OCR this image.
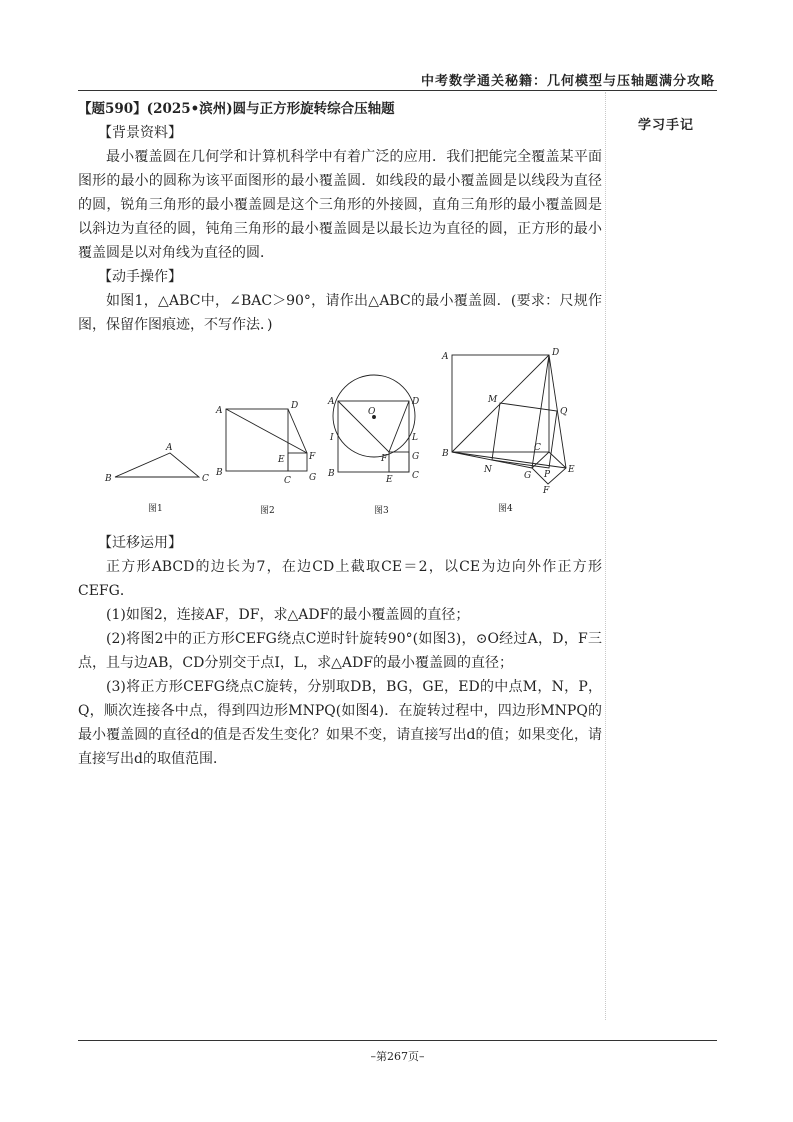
中考数学通关秘籍：几何模型与压轴题满分攻略
学习手记

【题590】(2025•滨州)圆与正方形旋转综合压轴题

【背景资料】

最小覆盖圆在几何学和计算机科学中有着广泛的应用．我们把能完全覆盖某平面图形的最小的圆称为该平面图形的最小覆盖圆．如线段的最小覆盖圆是以线段为直径的圆，锐角三角形的最小覆盖圆是这个三角形的外接圆，直角三角形的最小覆盖圆是以斜边为直径的圆，钝角三角形的最小覆盖圆是以最长边为直径的圆，正方形的最小覆盖圆是以对角线为直径的圆．

【动手操作】

如图1，△ABC中，∠BAC＞90°，请作出△ABC的最小覆盖圆．(要求：尺规作图，保留作图痕迹，不写作法．)

A
B	C
图1
A	D
B
C
E	F
G
图2
A
O
D
I	L
B
E C
F	G
图3
A	D
M
Q
B
C
N
G P E
F
图4

【迁移运用】

正方形ABCD的边长为7，在边CD上截取CE＝2，以CE为边向外作正方形CEFG．

(1)如图2，连接AF，DF，求△ADF的最小覆盖圆的直径；

(2)将图2中的正方形CEFG绕点C逆时针旋转90°(如图3)，⊙O经过A，D，F三点，且与边AB，CD分别交于点I，L，求△ADF的最小覆盖圆的直径；

(3)将正方形CEFG绕点C旋转，分别取DB，BG，GE，ED的中点M，N，P，Q，顺次连接各中点，得到四边形MNPQ(如图4)．在旋转过程中，四边形MNPQ的最小覆盖圆的直径d的值是否发生变化？如果不变，请直接写出d的值；如果变化，请直接写出d的取值范围．

–第267页–
